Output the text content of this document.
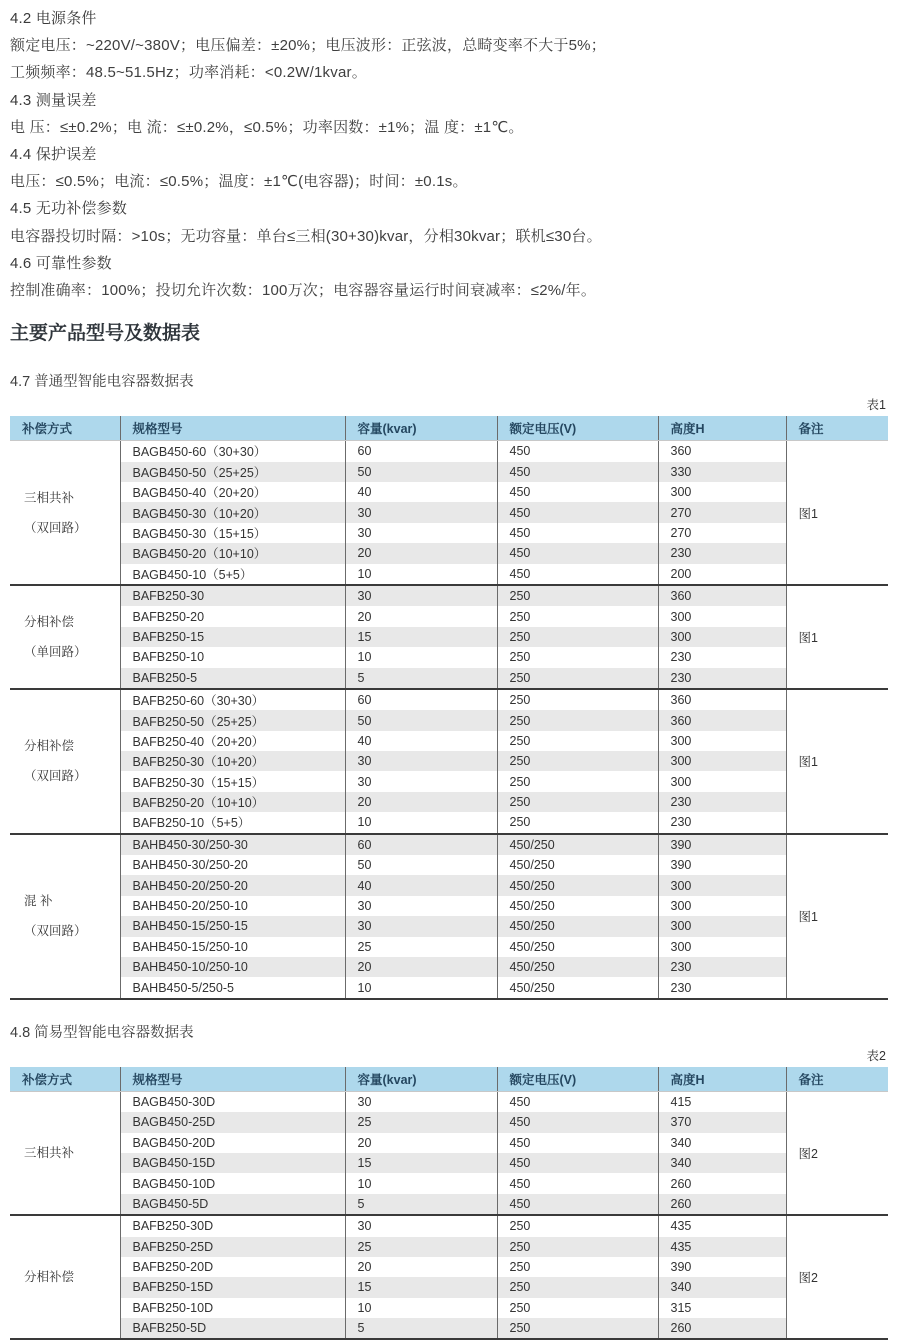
4.2 电源条件

额定电压：~220V/~380V；电压偏差：±20%；电压波形：正弦波，总畸变率不大于5%；

工频频率：48.5~51.5Hz；功率消耗：<0.2W/1kvar。

4.3 测量误差

电 压：≤±0.2%；电 流：≤±0.2%，≤0.5%；功率因数：±1%；温 度：±1℃。

4.4 保护误差

电压：≤0.5%；电流：≤0.5%；温度：±1℃(电容器)；时间：±0.1s。

4.5 无功补偿参数

电容器投切时隔：>10s；无功容量：单台≤三相(30+30)kvar，分相30kvar；联机≤30台。

4.6 可靠性参数

控制准确率：100%；投切允许次数：100万次；电容器容量运行时间衰减率：≤2%/年。

主要产品型号及数据表

4.7 普通型智能电容器数据表

表1
补偿方式	规格型号	容量(kvar)	额定电压(V)	高度H	备注
三相共补
（双回路）	BAGB450-60（30+30）	60	450	360	图1
	BAGB450-50（25+25）	50	450	330	
	BAGB450-40（20+20）	40	450	300	
	BAGB450-30（10+20）	30	450	270	
	BAGB450-30（15+15）	30	450	270	
	BAGB450-20（10+10）	20	450	230	
	BAGB450-10（5+5）	10	450	200	
分相补偿
（单回路）	BAFB250-30	30	250	360	图1
	BAFB250-20	20	250	300	
	BAFB250-15	15	250	300	
	BAFB250-10	10	250	230	
	BAFB250-5	5	250	230	
分相补偿
（双回路）	BAFB250-60（30+30）	60	250	360	图1
	BAFB250-50（25+25）	50	250	360	
	BAFB250-40（20+20）	40	250	300	
	BAFB250-30（10+20）	30	250	300	
	BAFB250-30（15+15）	30	250	300	
	BAFB250-20（10+10）	20	250	230	
	BAFB250-10（5+5）	10	250	230	
混 补
（双回路）	BAHB450-30/250-30	60	450/250	390	图1
	BAHB450-30/250-20	50	450/250	390	
	BAHB450-20/250-20	40	450/250	300	
	BAHB450-20/250-10	30	450/250	300	
	BAHB450-15/250-15	30	450/250	300	
	BAHB450-15/250-10	25	450/250	300	
	BAHB450-10/250-10	20	450/250	230	
	BAHB450-5/250-5	10	450/250	230	

4.8 简易型智能电容器数据表

表2
补偿方式	规格型号	容量(kvar)	额定电压(V)	高度H	备注
三相共补	BAGB450-30D	30	450	415	图2
	BAGB450-25D	25	450	370	
	BAGB450-20D	20	450	340	
	BAGB450-15D	15	450	340	
	BAGB450-10D	10	450	260	
	BAGB450-5D	5	450	260	
分相补偿	BAFB250-30D	30	250	435	图2
	BAFB250-25D	25	250	435	
	BAFB250-20D	20	250	390	
	BAFB250-15D	15	250	340	
	BAFB250-10D	10	250	315	
	BAFB250-5D	5	250	260	
